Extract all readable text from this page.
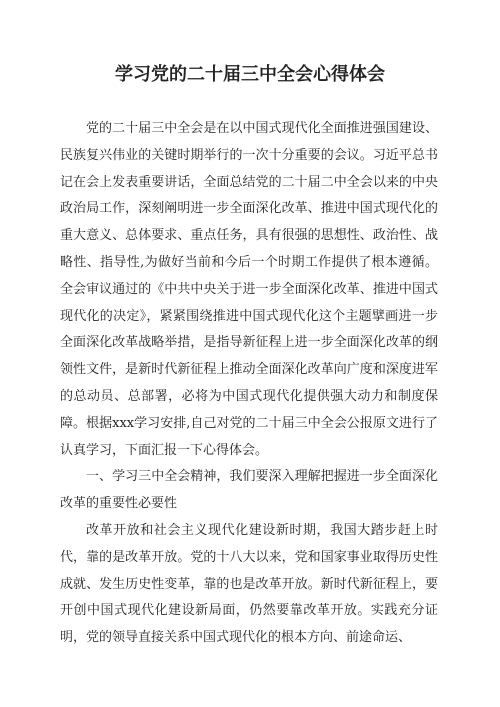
学习党的二十届三中全会心得体会

党的二十届三中全会是在以中国式现代化全面推进强国建设、民族复兴伟业的关键时期举行的一次十分重要的会议。习近平总书记在会上发表重要讲话，全面总结党的二十届二中全会以来的中央政治局工作，深刻阐明进一步全面深化改革、推进中国式现代化的重大意义、总体要求、重点任务，具有很强的思想性、政治性、战略性、指导性,为做好当前和今后一个时期工作提供了根本遵循。全会审议通过的《中共中央关于进一步全面深化改革、推进中国式现代化的决定》，紧紧围绕推进中国式现代化这个主题擘画进一步全面深化改革战略举措，是指导新征程上进一步全面深化改革的纲领性文件，是新时代新征程上推动全面深化改革向广度和深度进军的总动员、总部署，必将为中国式现代化提供强大动力和制度保障。根据xxx学习安排,自己对党的二十届三中全会公报原文进行了认真学习，下面汇报一下心得体会。

一、学习三中全会精神，我们要深入理解把握进一步全面深化改革的重要性必要性

改革开放和社会主义现代化建设新时期，我国大踏步赶上时代，靠的是改革开放。党的十八大以来，党和国家事业取得历史性成就、发生历史性变革，靠的也是改革开放。新时代新征程上，要开创中国式现代化建设新局面，仍然要靠改革开放。实践充分证明，党的领导直接关系中国式现代化的根本方向、前途命运、
